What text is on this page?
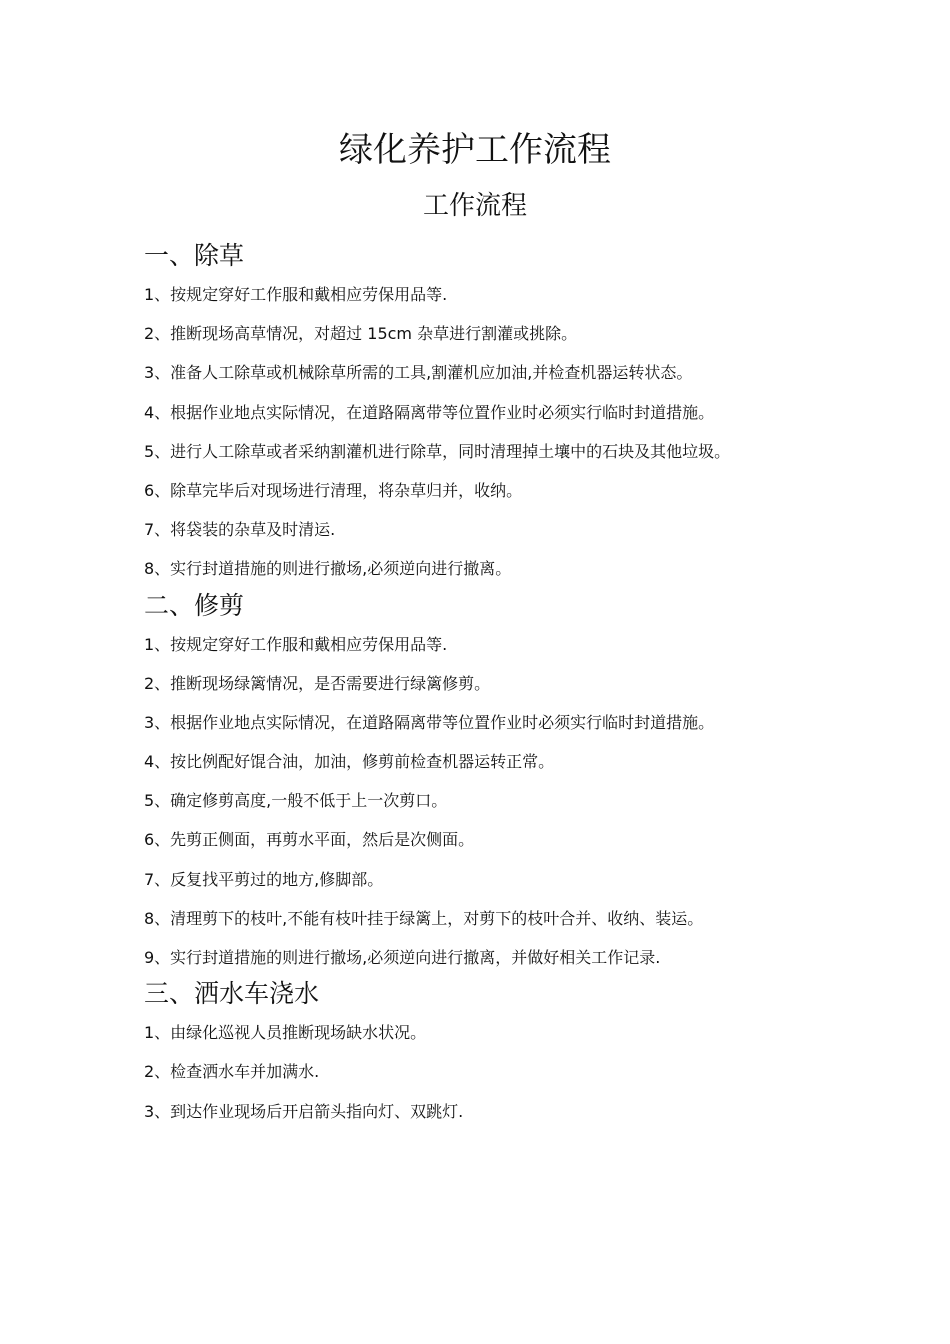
绿化养护工作流程
工作流程
一、除草

1、按规定穿好工作服和戴相应劳保用品等.

2、推断现场高草情况，对超过 15cm 杂草进行割灌或挑除。

3、准备人工除草或机械除草所需的工具,割灌机应加油,并检查机器运转状态。

4、根据作业地点实际情况，在道路隔离带等位置作业时必须实行临时封道措施。

5、进行人工除草或者采纳割灌机进行除草，同时清理掉土壤中的石块及其他垃圾。

6、除草完毕后对现场进行清理，将杂草归并，收纳。

7、将袋装的杂草及时清运.

8、实行封道措施的则进行撤场,必须逆向进行撤离。

二、修剪

1、按规定穿好工作服和戴相应劳保用品等.

2、推断现场绿篱情况，是否需要进行绿篱修剪。

3、根据作业地点实际情况，在道路隔离带等位置作业时必须实行临时封道措施。

4、按比例配好馄合油，加油，修剪前检查机器运转正常。

5、确定修剪高度,一般不低于上一次剪口。

6、先剪正侧面，再剪水平面，然后是次侧面。

7、反复找平剪过的地方,修脚部。

8、清理剪下的枝叶,不能有枝叶挂于绿篱上，对剪下的枝叶合并、收纳、装运。

9、实行封道措施的则进行撤场,必须逆向进行撤离，并做好相关工作记录.

三、洒水车浇水

1、由绿化巡视人员推断现场缺水状况。

2、检查洒水车并加满水.

3、到达作业现场后开启箭头指向灯、双跳灯.
